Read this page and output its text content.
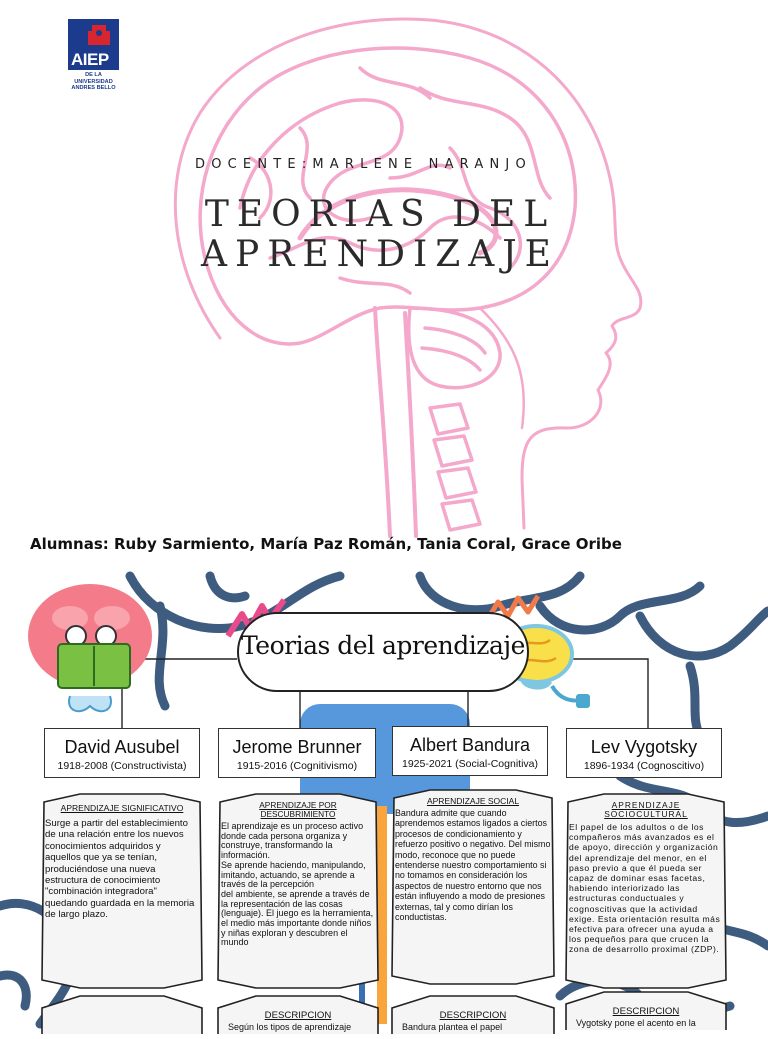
AIEP
DE LA UNIVERSIDAD ANDRES BELLO
DOCENTE:MARLENE NARANJO
TEORIAS DEL
APRENDIZAJE
Alumnas: Ruby Sarmiento, María Paz Román, Tania Coral, Grace Oribe
Teorias del aprendizaje
David Ausubel
1918-2008 (Constructivista)
Jerome Brunner
1915-2016 (Cognitivismo)
Albert Bandura
1925-2021 (Social-Cognitiva)
Lev Vygotsky
1896-1934 (Cognoscitivo)
APRENDIZAJE SIGNIFICATIVO
Surge a partir del establecimiento de una relación entre los nuevos conocimientos adquiridos y aquellos que ya se tenían, produciéndose una nueva estructura de conocimiento "combinación integradora" quedando guardada en la memoria de largo plazo.
APRENDIZAJE POR DESCUBRIMIENTO
El aprendizaje es un proceso activo
donde cada persona organiza y construye, transformando la información.
Se aprende haciendo, manipulando, imitando, actuando, se aprende a través de la percepción
del ambiente, se aprende a través de la representación de las cosas (lenguaje). El juego es la herramienta, el medio más importante donde niños y niñas exploran y descubren el mundo
APRENDIZAJE SOCIAL
Bandura admite que cuando aprendemos estamos ligados a ciertos procesos de condicionamiento y refuerzo positivo o negativo. Del mismo modo, reconoce que no puede entenderse nuestro comportamiento si no tomamos en consideración los aspectos de nuestro entorno que nos están influyendo a modo de presiones externas, tal y como dirían los conductistas.
APRENDIZAJE SOCIOCULTURAL
El papel de los adultos o de los compañeros más avanzados es el de apoyo, dirección y organización del aprendizaje del menor, en el paso previo a que él pueda ser capaz de dominar esas facetas, habiendo interiorizado las estructuras conductuales y cognoscitivas que la actividad exige. Esta orientación resulta más efectiva para ofrecer una ayuda a los pequeños para que crucen la zona de desarrollo proximal (ZDP).
DESCRIPCION
Según los tipos de aprendizaje
DESCRIPCION
Bandura plantea el papel
DESCRIPCION
Vygotsky pone el acento en la
